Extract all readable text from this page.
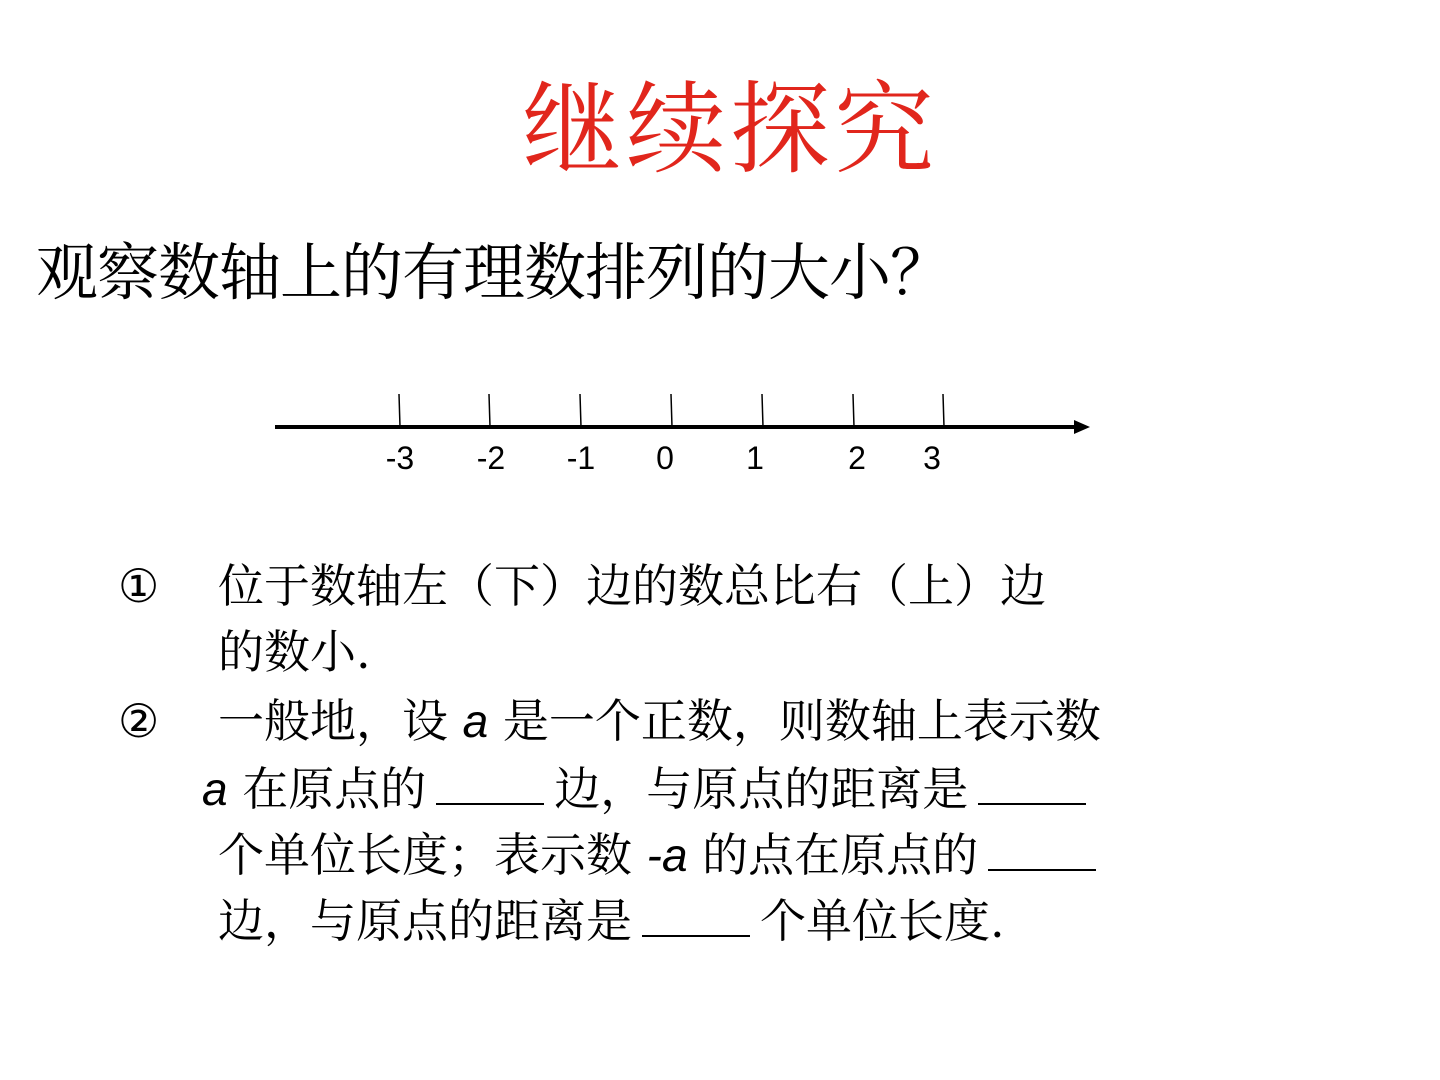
继续探究
观察数轴上的有理数排列的大小？
-3 -2 -1 0 1	2 3
① 位于数轴左（下）边的数总比右（上）边
的数小.
② 一般地，设 a 是一个正数，则数轴上表示数
a 在原点的	边，与原点的距离是
个单位长度；表示数 -a 的点在原点的
边，与原点的距离是	个单位长度.
